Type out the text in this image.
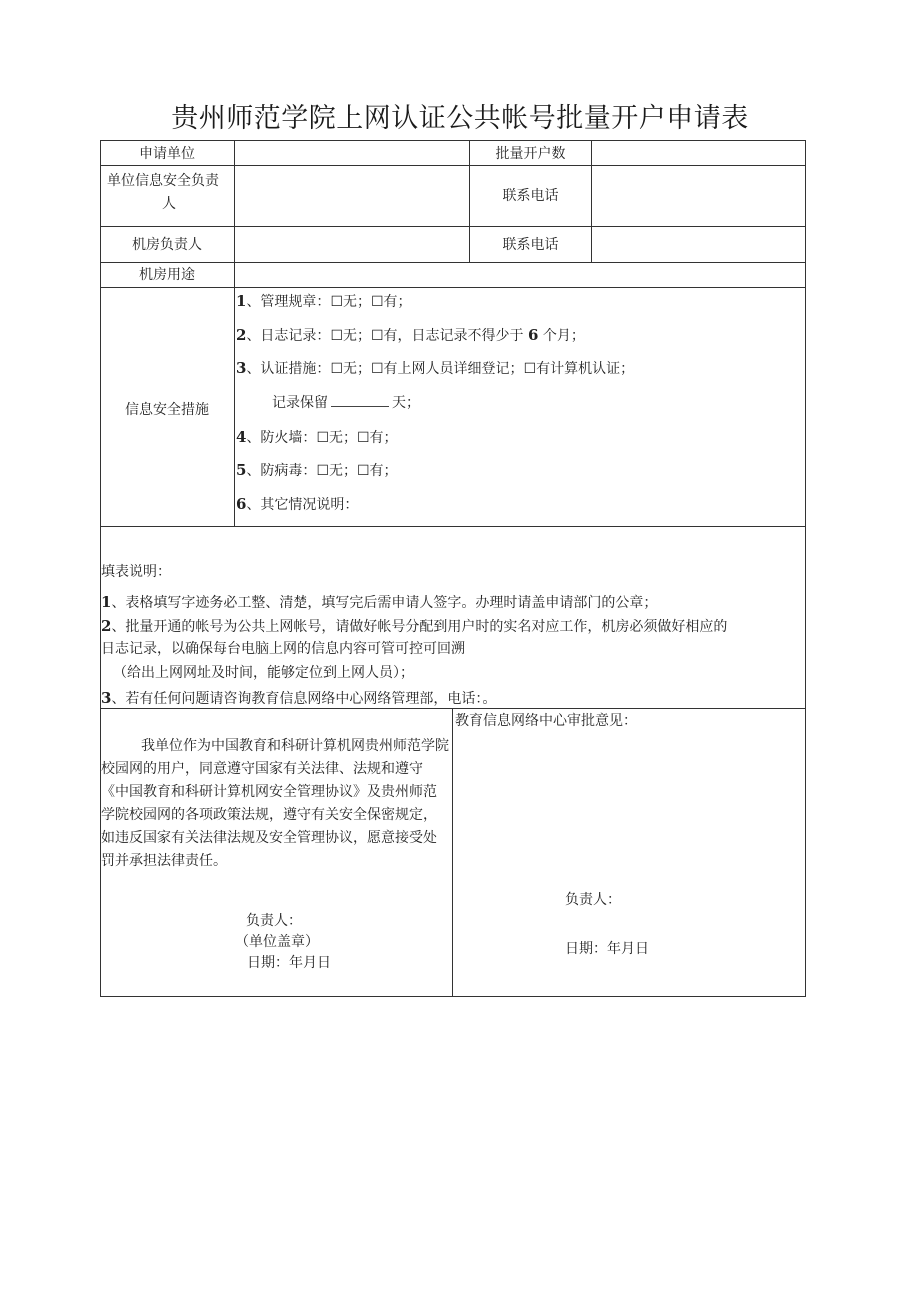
贵州师范学院上网认证公共帐号批量开户申请表
申请单位	批量开户数
单位信息安全负责
人	联系电话
机房负责人	联系电话
机房用途
信息安全措施
1、管理规章：☐无；☐有；
2、日志记录：☐无；☐有，日志记录不得少于 6 个月；
3、认证措施：☐无；☐有上网人员详细登记；☐有计算机认证；
记录保留	天；
4、防火墙：☐无；☐有；
5、防病毒：☐无；☐有；
6、其它情况说明：
填表说明：
1、表格填写字迹务必工整、清楚，填写完后需申请人签字。办理时请盖申请部门的公章；
2、批量开通的帐号为公共上网帐号，请做好帐号分配到用户时的实名对应工作，机房必须做好相应的
日志记录，以确保每台电脑上网的信息内容可管可控可回溯
（给出上网网址及时间，能够定位到上网人员）；
3、若有任何问题请咨询教育信息网络中心网络管理部，电话：。
我单位作为中国教育和科研计算机网贵州师范学院校园网的用户，同意遵守国家有关法律、法规和遵守《中国教育和科研计算机网安全管理协议》及贵州师范学院校园网的各项政策法规，遵守有关安全保密规定，如违反国家有关法律法规及安全管理协议，愿意接受处罚并承担法律责任。
负责人：
（单位盖章）
日期：年月日
教育信息网络中心审批意见：
负责人：
日期：年月日
